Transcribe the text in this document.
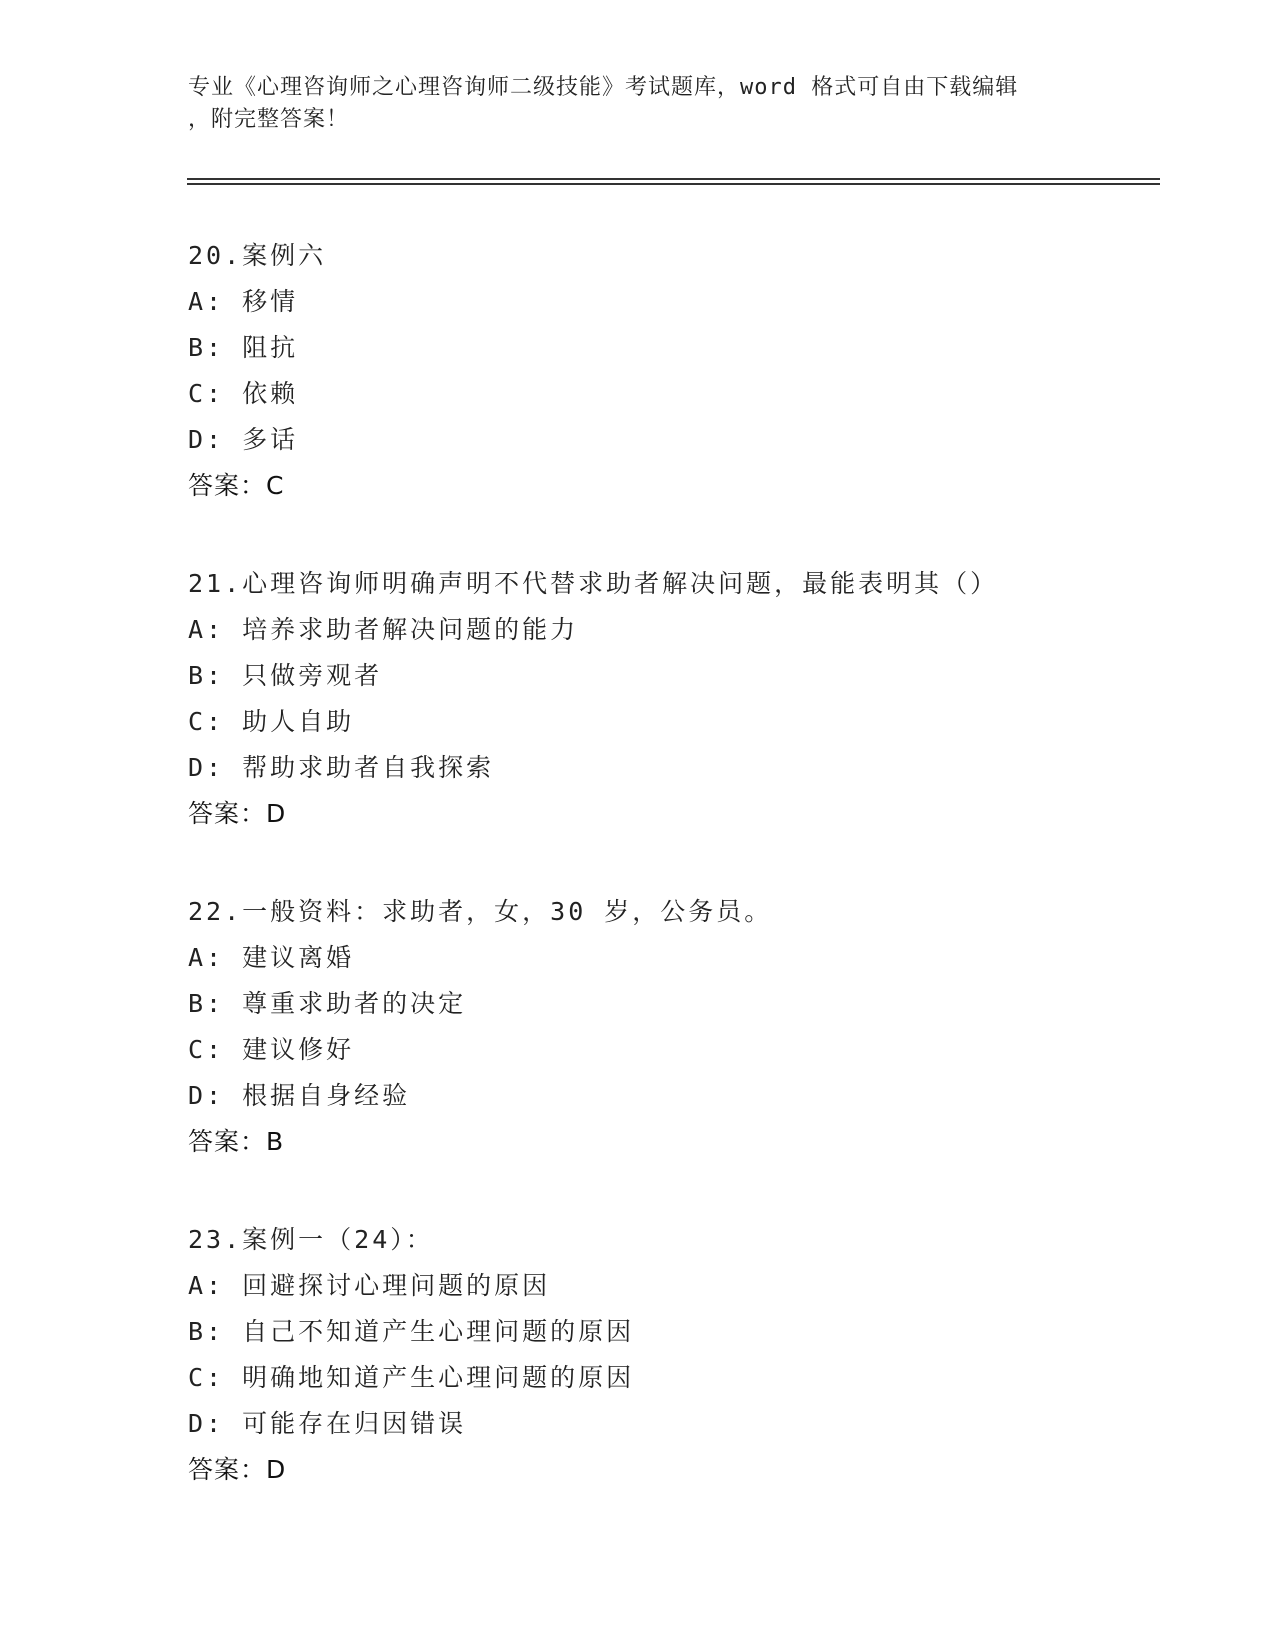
专业《心理咨询师之心理咨询师二级技能》考试题库，word 格式可自由下载编辑
，附完整答案！
20.案例六
A: 移情
B: 阻抗
C: 依赖
D: 多话
答案：C
21.心理咨询师明确声明不代替求助者解决问题，最能表明其（）
A: 培养求助者解决问题的能力
B: 只做旁观者
C: 助人自助
D: 帮助求助者自我探索
答案：D
22.一般资料：求助者，女，30 岁，公务员。
A: 建议离婚
B: 尊重求助者的决定
C: 建议修好
D: 根据自身经验
答案：B
23.案例一（24）：
A: 回避探讨心理问题的原因
B: 自己不知道产生心理问题的原因
C: 明确地知道产生心理问题的原因
D: 可能存在归因错误
答案：D
